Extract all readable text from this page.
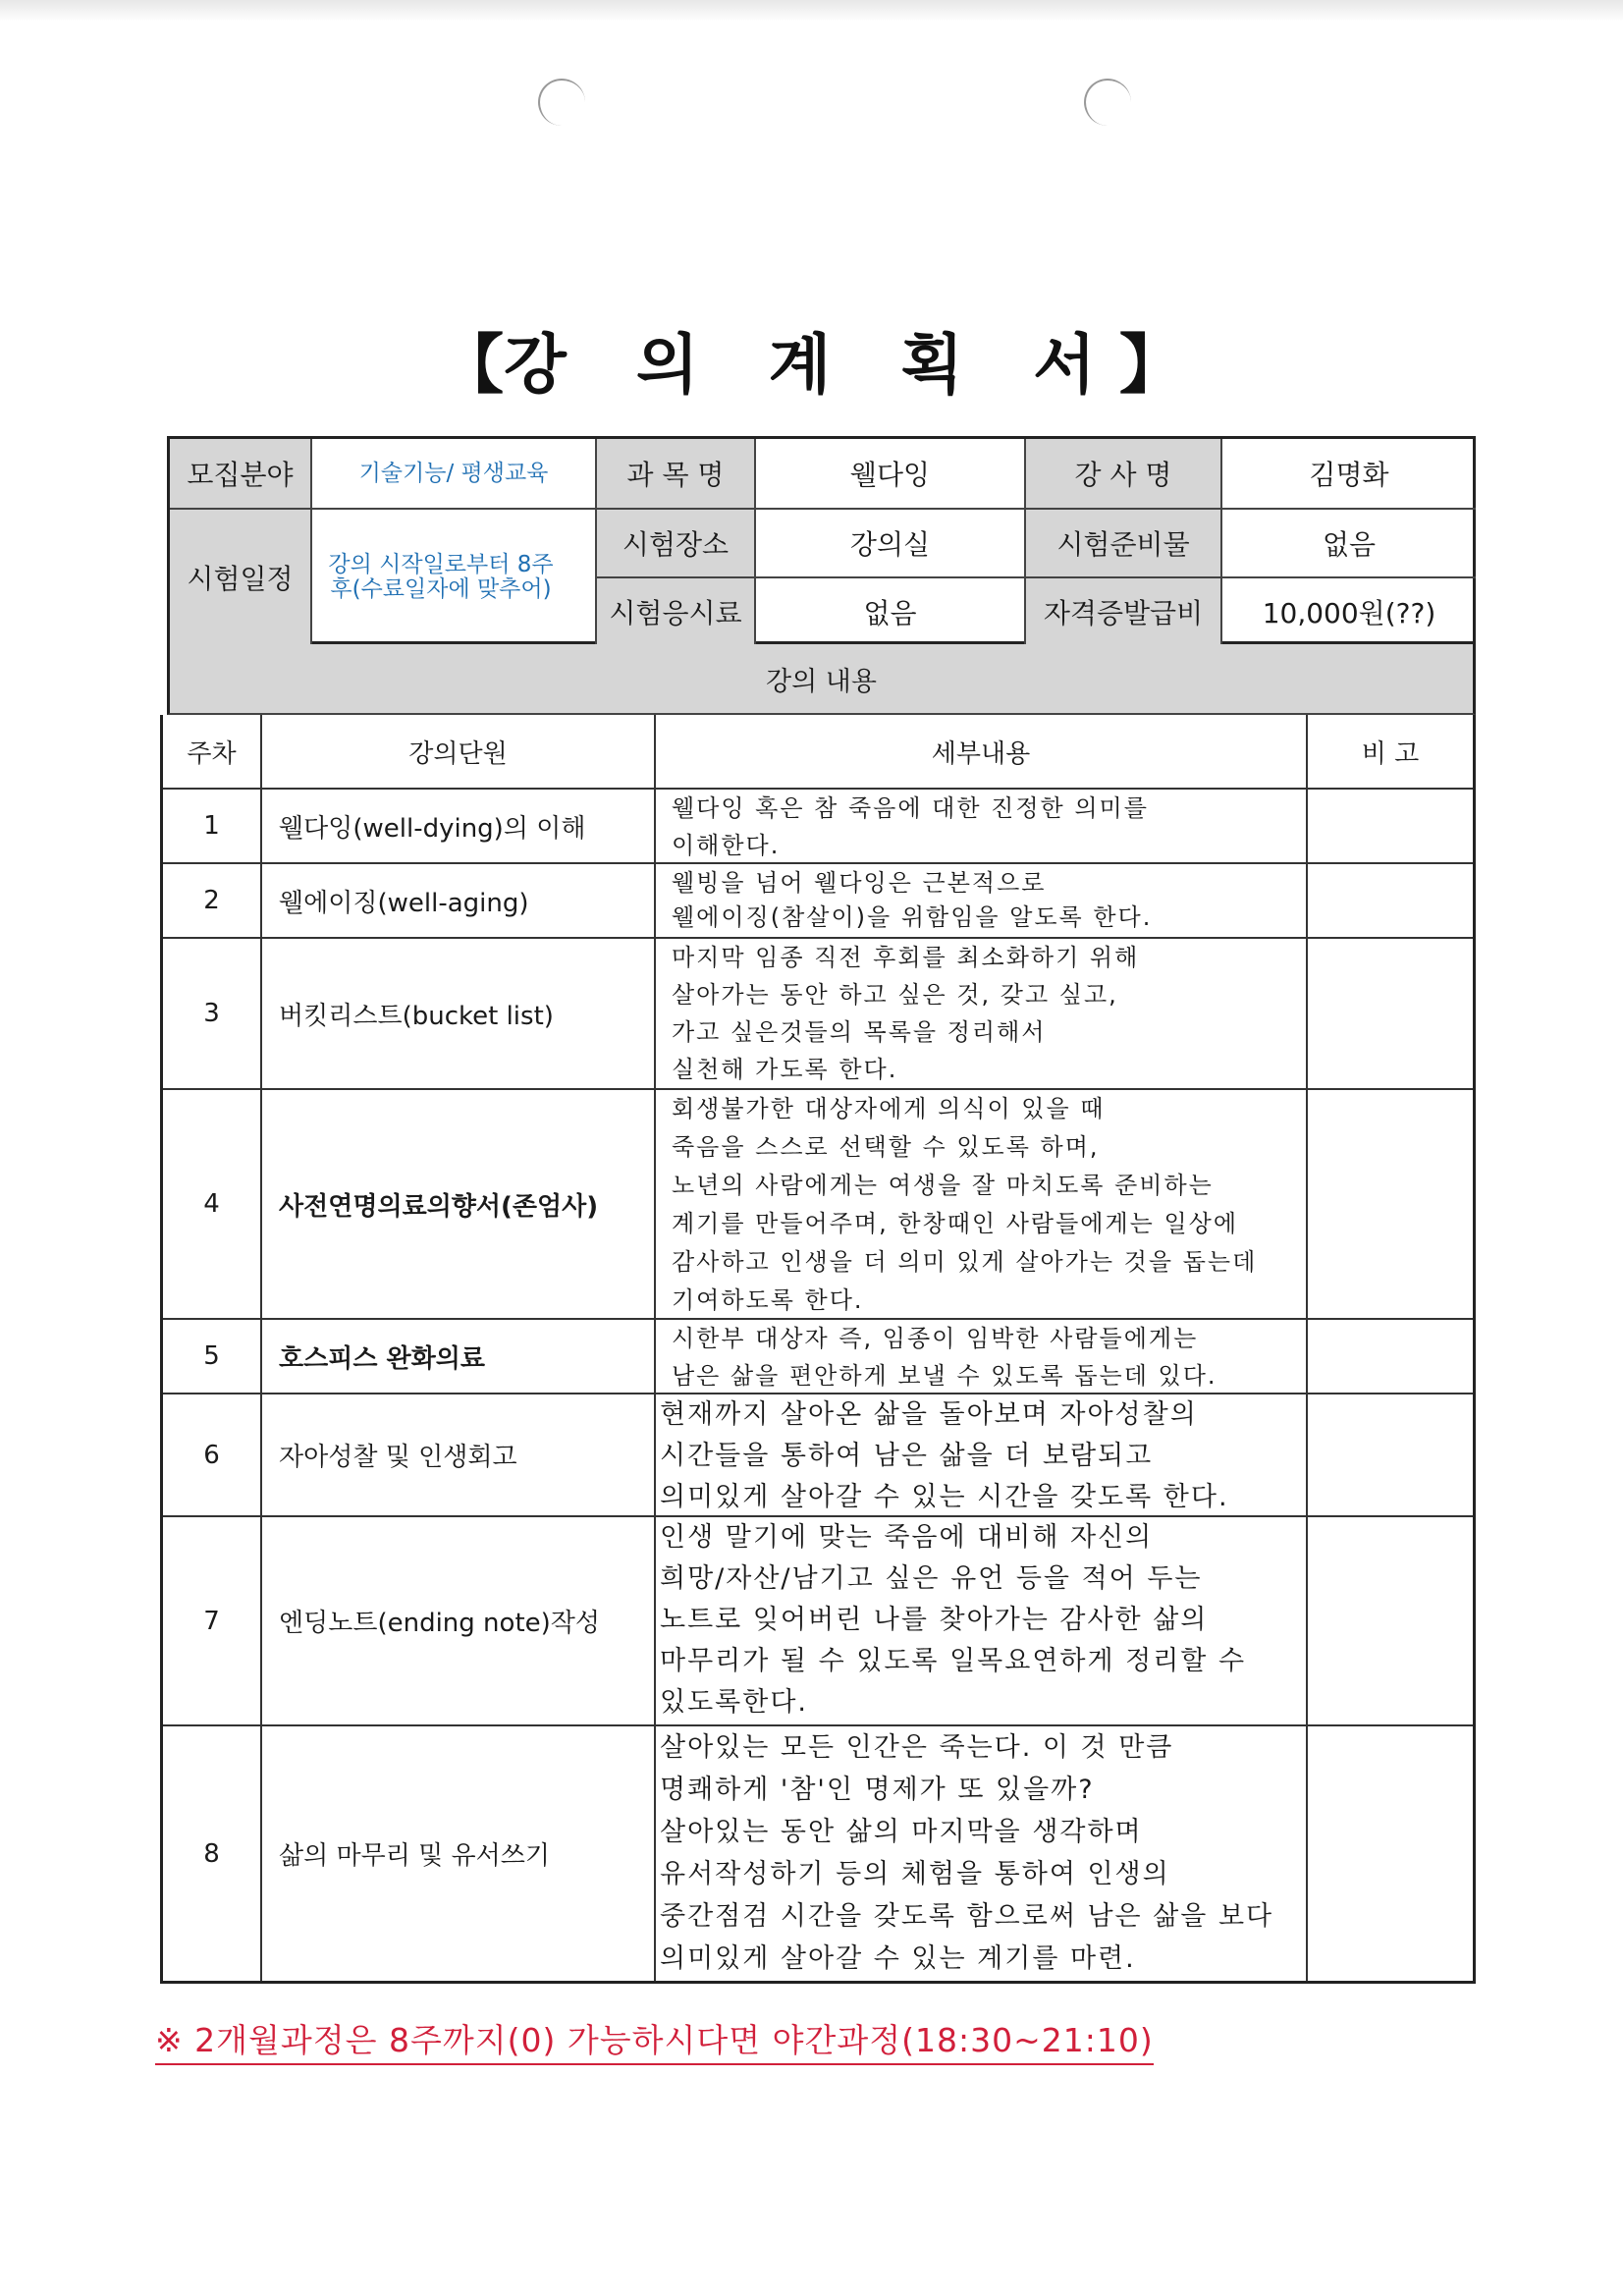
【강 의 계 획 서】
모집분야	기술기능/ 평생교육	과 목 명	웰다잉	강 사 명	김명화
시험일정	강의 시작일로부터 8주 후(수료일자에 맞추어)
시험장소	강의실	시험준비물	없음
시험응시료	없음	자격증발급비	10,000원(??)
강의 내용
주차	강의단원	세부내용	비 고
1	웰다잉(well-dying)의 이해
웰다잉 혹은 참 죽음에 대한 진정한 의미를
이해한다.
2	웰에이징(well-aging)
웰빙을 넘어 웰다잉은 근본적으로
웰에이징(참살이)을 위함임을 알도록 한다.
3	버킷리스트(bucket list)
마지막 임종 직전 후회를 최소화하기 위해
살아가는 동안 하고 싶은 것, 갖고 싶고,
가고 싶은것들의 목록을 정리해서
실천해 가도록 한다.
4	사전연명의료의향서(존엄사)
회생불가한 대상자에게 의식이 있을 때
죽음을 스스로 선택할 수 있도록 하며,
노년의 사람에게는 여생을 잘 마치도록 준비하는
계기를 만들어주며, 한창때인 사람들에게는 일상에
감사하고 인생을 더 의미 있게 살아가는 것을 돕는데
기여하도록 한다.
5	호스피스 완화의료
시한부 대상자 즉, 임종이 임박한 사람들에게는
남은 삶을 편안하게 보낼 수 있도록 돕는데 있다.
6	자아성찰 및 인생회고
현재까지 살아온 삶을 돌아보며 자아성찰의
시간들을 통하여 남은 삶을 더 보람되고
의미있게 살아갈 수 있는 시간을 갖도록 한다.
7	엔딩노트(ending note)작성
인생 말기에 맞는 죽음에 대비해 자신의
희망/자산/남기고 싶은 유언 등을 적어 두는
노트로 잊어버린 나를 찾아가는 감사한 삶의
마무리가 될 수 있도록 일목요연하게 정리할 수
있도록한다.
8	삶의 마무리 및 유서쓰기
살아있는 모든 인간은 죽는다. 이 것 만큼
명쾌하게 '참'인 명제가 또 있을까?
살아있는 동안 삶의 마지막을 생각하며
유서작성하기 등의 체험을 통하여 인생의
중간점검 시간을 갖도록 함으로써 남은 삶을 보다
의미있게 살아갈 수 있는 계기를 마련.
※ 2개월과정은 8주까지(0) 가능하시다면 야간과정(18:30~21:10)
